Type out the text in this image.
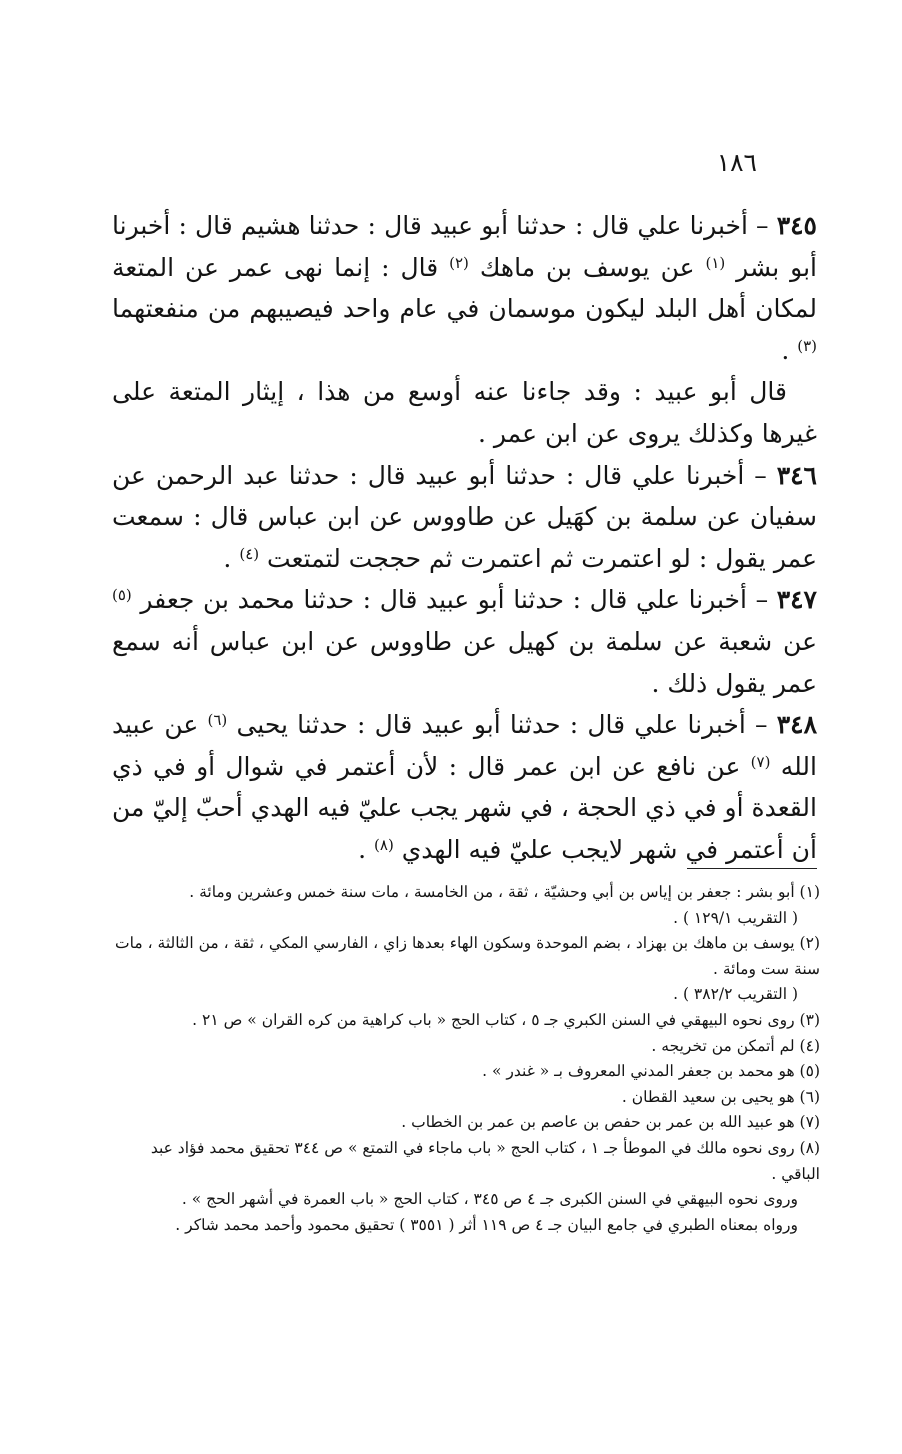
١٨٦

٣٤٥ – أخبرنا علي قال : حدثنا أبو عبيد قال : حدثنا هشيم قال : أخبرنا أبو بشر $^{(١)}$ عن يوسف بن ماهك $^{(٢)}$ قال : إنما نهى عمر عن المتعة لمكان أهل البلد ليكون موسمان في عام واحد فيصيبهم من منفعتهما $^{(٣)}$ .

قال أبو عبيد : وقد جاءنا عنه أوسع من هذا ، إيثار المتعة على غيرها وكذلك يروى عن ابن عمر .

٣٤٦ – أخبرنا علي قال : حدثنا أبو عبيد قال : حدثنا عبد الرحمن عن سفيان عن سلمة بن كهَيل عن طاووس عن ابن عباس قال : سمعت عمر يقول : لو اعتمرت ثم اعتمرت ثم حججت لتمتعت $^{(٤)}$ .

٣٤٧ – أخبرنا علي قال : حدثنا أبو عبيد قال : حدثنا محمد بن جعفر $^{(٥)}$ عن شعبة عن سلمة بن كهيل عن طاووس عن ابن عباس أنه سمع عمر يقول ذلك .

٣٤٨ – أخبرنا علي قال : حدثنا أبو عبيد قال : حدثنا يحيى $^{(٦)}$ عن عبيد الله $^{(٧)}$ عن نافع عن ابن عمر قال : لأن أعتمر في شوال أو في ذي القعدة أو في ذي الحجة ، في شهر يجب عليّ فيه الهدي أحبّ إليّ من أن أعتمر في شهر لايجب عليّ فيه الهدي $^{(٨)}$ .

(١) أبو بشر : جعفر بن إياس بن أبي وحشيّة ، ثقة ، من الخامسة ، مات سنة خمس وعشرين ومائة .

( التقريب ١٢٩/١ ) .

(٢) يوسف بن ماهك بن بهزاد ، بضم الموحدة وسكون الهاء بعدها زاي ، الفارسي المكي ، ثقة ، من الثالثة ، مات سنة ست ومائة .

( التقريب ٣٨٢/٢ ) .

(٣) روى نحوه البيهقي في السنن الكبري جـ ٥ ، كتاب الحج « باب كراهية من كره القران » ص ٢١ .

(٤) لم أتمكن من تخريجه .

(٥) هو محمد بن جعفر المدني المعروف بـ « غندر » .

(٦) هو يحيى بن سعيد القطان .

(٧) هو عبيد الله بن عمر بن حفص بن عاصم بن عمر بن الخطاب .

(٨) روى نحوه مالك في الموطأ جـ ١ ، كتاب الحج « باب ماجاء في التمتع » ص ٣٤٤ تحقيق محمد فؤاد عبد الباقي .

وروى نحوه البيهقي في السنن الكبرى جـ ٤ ص ٣٤٥ ، كتاب الحج « باب العمرة في أشهر الحج » .

ورواه بمعناه الطبري في جامع البيان جـ ٤ ص ١١٩ أثر ( ٣٥٥١ ) تحقيق محمود وأحمد محمد شاكر .
